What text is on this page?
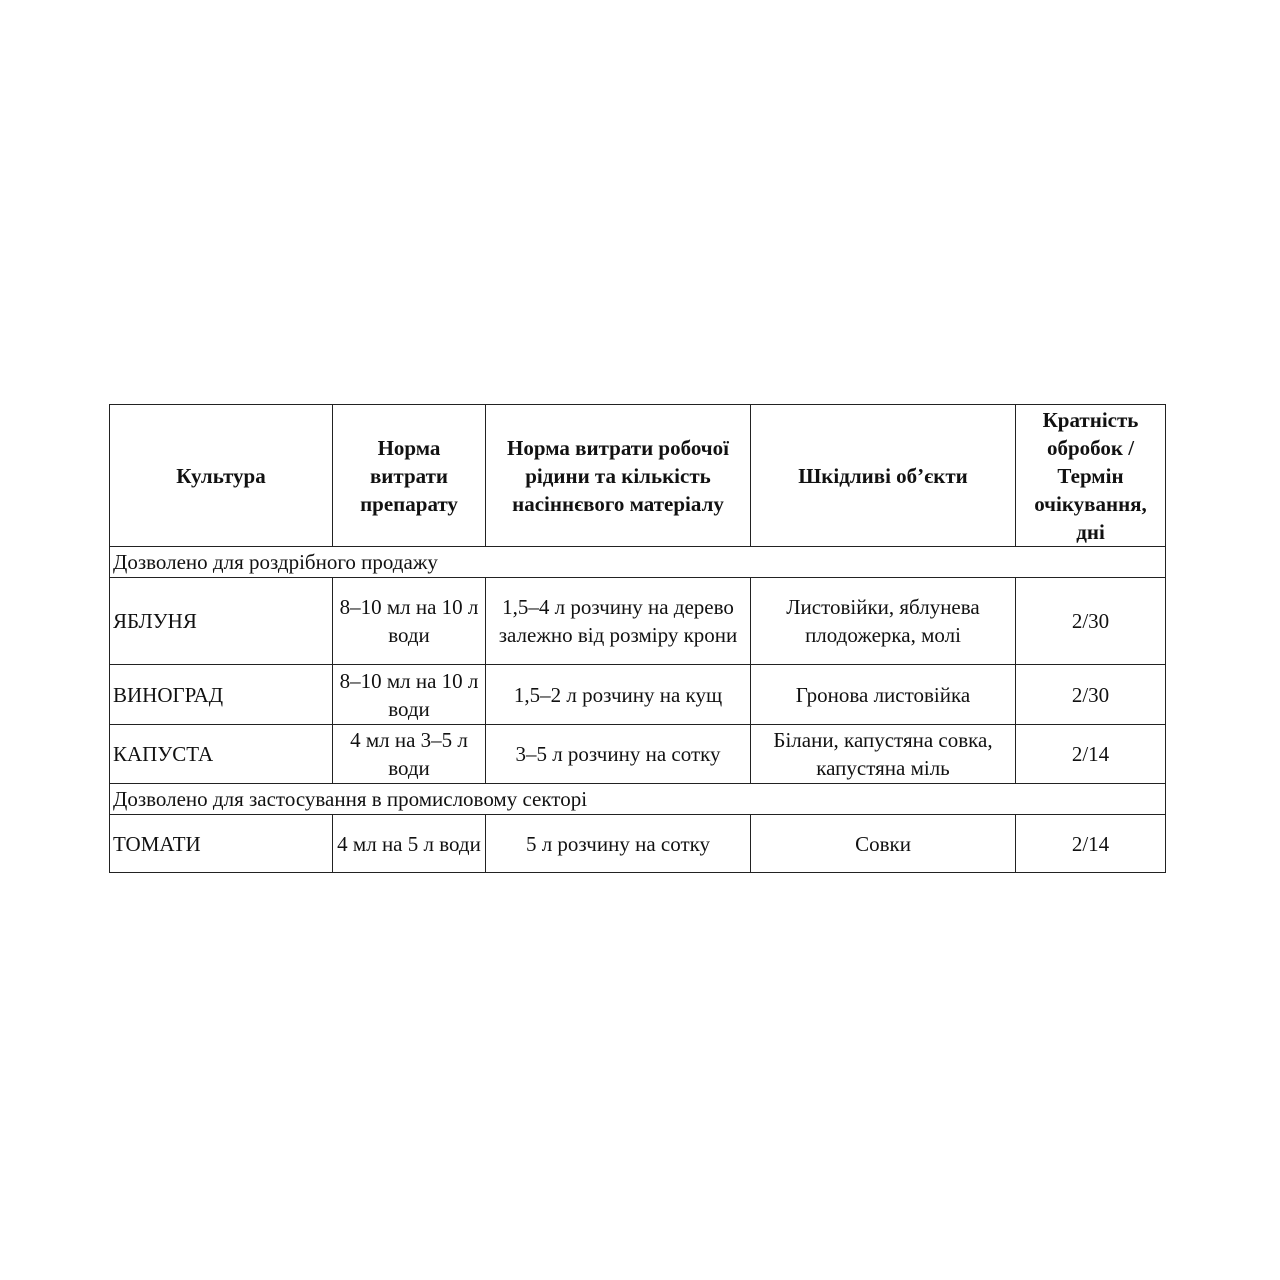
Культура	Норма витрати препарату	Норма витрати робочої рідини та кількість насіннєвого матеріалу	Шкідливі об’єкти	Кратність обробок / Термін очікування, дні
Дозволено для роздрібного продажу				
ЯБЛУНЯ	8–10 мл на 10 л води	1,5–4 л розчину на дерево залежно від розміру крони	Листовійки, яблунева плодожерка, молі	2/30
ВИНОГРАД	8–10 мл на 10 л води	1,5–2 л розчину на кущ	Гронова листовійка	2/30
КАПУСТА	4 мл на 3–5 л води	3–5 л розчину на сотку	Білани, капустяна совка, капустяна міль	2/14
Дозволено для застосування в промисловому секторі				
ТОМАТИ	4 мл на 5 л води	5 л розчину на сотку	Совки	2/14
